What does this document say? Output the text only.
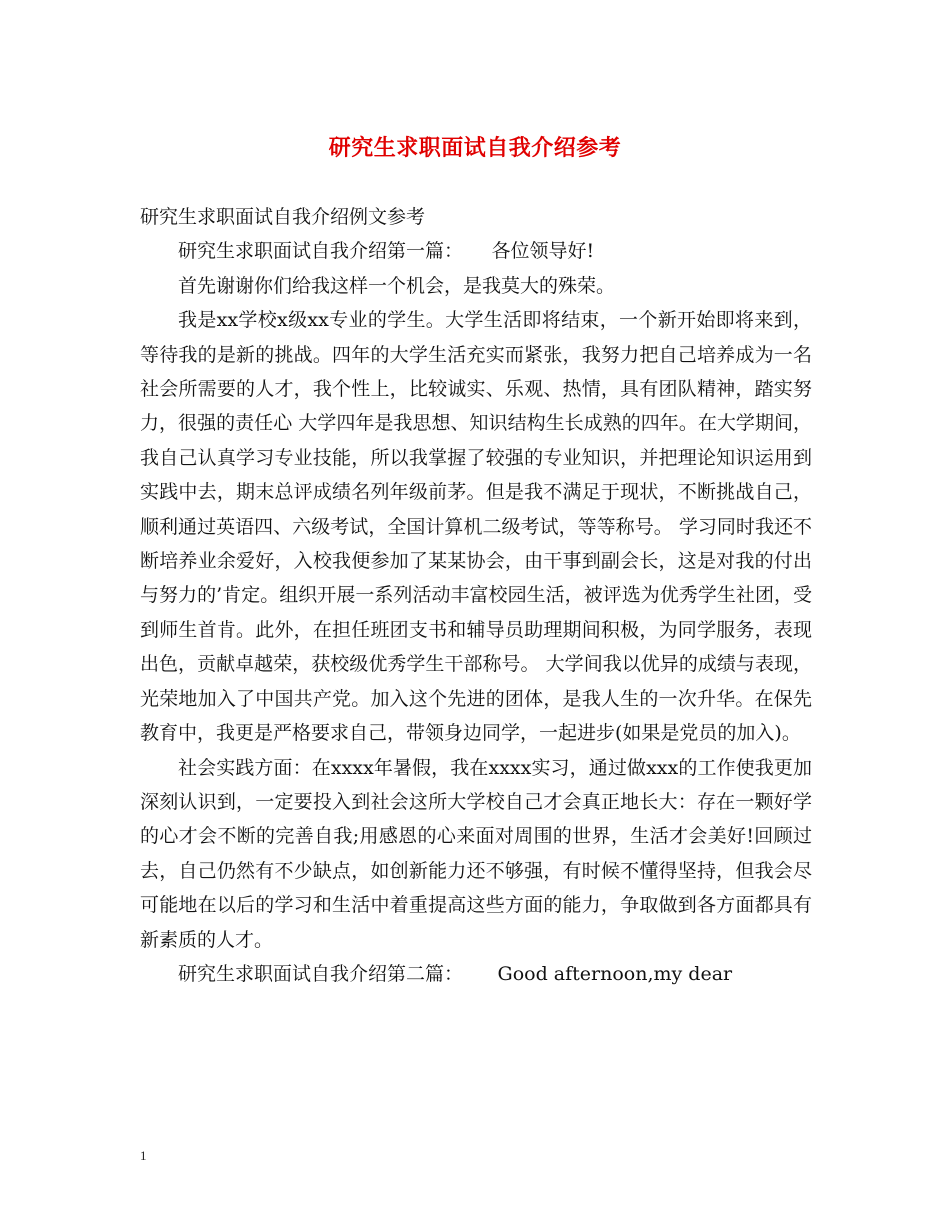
研究生求职面试自我介绍参考

研究生求职面试自我介绍例文参考

研究生求职面试自我介绍第一篇：　　各位领导好!

首先谢谢你们给我这样一个机会，是我莫大的殊荣。

我是xx学校x级xx专业的学生。大学生活即将结束，一个新开始即将来到，等待我的是新的挑战。四年的大学生活充实而紧张，我努力把自己培养成为一名社会所需要的人才，我个性上，比较诚实、乐观、热情，具有团队精神，踏实努力，很强的责任心 大学四年是我思想、知识结构生长成熟的四年。在大学期间，我自己认真学习专业技能，所以我掌握了较强的专业知识，并把理论知识运用到实践中去，期末总评成绩名列年级前茅。但是我不满足于现状，不断挑战自己，顺利通过英语四、六级考试，全国计算机二级考试，等等称号。 学习同时我还不断培养业余爱好，入校我便参加了某某协会，由干事到副会长，这是对我的付出与努力的’肯定。组织开展一系列活动丰富校园生活，被评选为优秀学生社团，受到师生首肯。此外，在担任班团支书和辅导员助理期间积极，为同学服务，表现出色，贡献卓越荣，获校级优秀学生干部称号。 大学间我以优异的成绩与表现，光荣地加入了中国共产党。加入这个先进的团体，是我人生的一次升华。在保先教育中，我更是严格要求自己，带领身边同学，一起进步(如果是党员的加入)。

社会实践方面：在xxxx年暑假，我在xxxx实习，通过做xxx的工作使我更加深刻认识到，一定要投入到社会这所大学校自己才会真正地长大：存在一颗好学的心才会不断的完善自我;用感恩的心来面对周围的世界，生活才会美好!回顾过去，自己仍然有不少缺点，如创新能力还不够强，有时候不懂得坚持，但我会尽可能地在以后的学习和生活中着重提高这些方面的能力，争取做到各方面都具有新素质的人才。

研究生求职面试自我介绍第二篇：　　 Good afternoon,my dear

1
